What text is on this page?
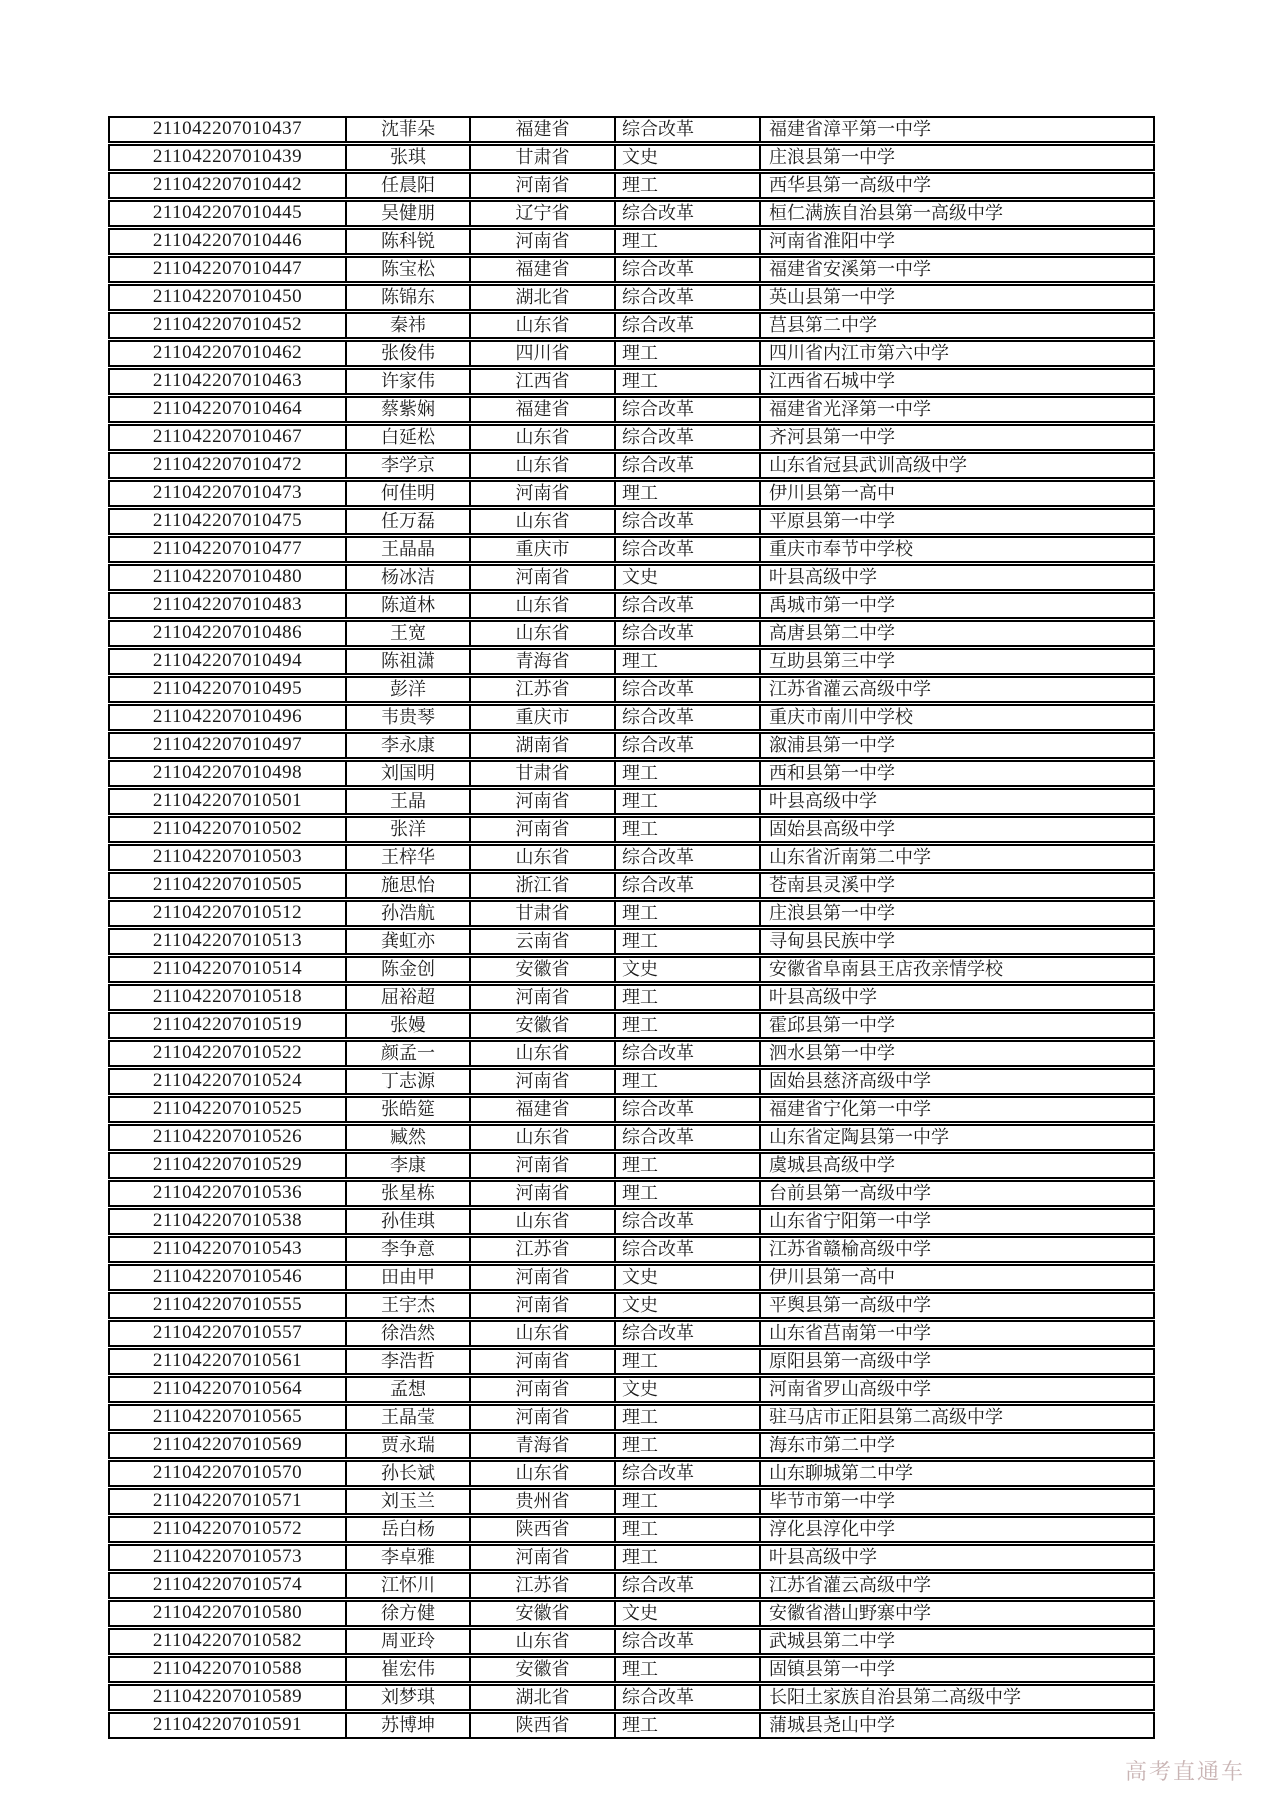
211042207010437	沈菲朵	福建省	综合改革	福建省漳平第一中学
211042207010439	张琪	甘肃省	文史	庄浪县第一中学
211042207010442	任晨阳	河南省	理工	西华县第一高级中学
211042207010445	吴健朋	辽宁省	综合改革	桓仁满族自治县第一高级中学
211042207010446	陈科锐	河南省	理工	河南省淮阳中学
211042207010447	陈宝松	福建省	综合改革	福建省安溪第一中学
211042207010450	陈锦东	湖北省	综合改革	英山县第一中学
211042207010452	秦祎	山东省	综合改革	莒县第二中学
211042207010462	张俊伟	四川省	理工	四川省内江市第六中学
211042207010463	许家伟	江西省	理工	江西省石城中学
211042207010464	蔡紫娴	福建省	综合改革	福建省光泽第一中学
211042207010467	白延松	山东省	综合改革	齐河县第一中学
211042207010472	李学京	山东省	综合改革	山东省冠县武训高级中学
211042207010473	何佳明	河南省	理工	伊川县第一高中
211042207010475	任万磊	山东省	综合改革	平原县第一中学
211042207010477	王晶晶	重庆市	综合改革	重庆市奉节中学校
211042207010480	杨冰洁	河南省	文史	叶县高级中学
211042207010483	陈道林	山东省	综合改革	禹城市第一中学
211042207010486	王宽	山东省	综合改革	高唐县第二中学
211042207010494	陈祖潇	青海省	理工	互助县第三中学
211042207010495	彭洋	江苏省	综合改革	江苏省灌云高级中学
211042207010496	韦贵琴	重庆市	综合改革	重庆市南川中学校
211042207010497	李永康	湖南省	综合改革	溆浦县第一中学
211042207010498	刘国明	甘肃省	理工	西和县第一中学
211042207010501	王晶	河南省	理工	叶县高级中学
211042207010502	张洋	河南省	理工	固始县高级中学
211042207010503	王梓华	山东省	综合改革	山东省沂南第二中学
211042207010505	施思怡	浙江省	综合改革	苍南县灵溪中学
211042207010512	孙浩航	甘肃省	理工	庄浪县第一中学
211042207010513	龚虹亦	云南省	理工	寻甸县民族中学
211042207010514	陈金创	安徽省	文史	安徽省阜南县王店孜亲情学校
211042207010518	屈裕超	河南省	理工	叶县高级中学
211042207010519	张嫚	安徽省	理工	霍邱县第一中学
211042207010522	颜孟一	山东省	综合改革	泗水县第一中学
211042207010524	丁志源	河南省	理工	固始县慈济高级中学
211042207010525	张皓筵	福建省	综合改革	福建省宁化第一中学
211042207010526	臧然	山东省	综合改革	山东省定陶县第一中学
211042207010529	李康	河南省	理工	虞城县高级中学
211042207010536	张星栋	河南省	理工	台前县第一高级中学
211042207010538	孙佳琪	山东省	综合改革	山东省宁阳第一中学
211042207010543	李争意	江苏省	综合改革	江苏省赣榆高级中学
211042207010546	田由甲	河南省	文史	伊川县第一高中
211042207010555	王宇杰	河南省	文史	平舆县第一高级中学
211042207010557	徐浩然	山东省	综合改革	山东省莒南第一中学
211042207010561	李浩哲	河南省	理工	原阳县第一高级中学
211042207010564	孟想	河南省	文史	河南省罗山高级中学
211042207010565	王晶莹	河南省	理工	驻马店市正阳县第二高级中学
211042207010569	贾永瑞	青海省	理工	海东市第二中学
211042207010570	孙长斌	山东省	综合改革	山东聊城第二中学
211042207010571	刘玉兰	贵州省	理工	毕节市第一中学
211042207010572	岳白杨	陕西省	理工	淳化县淳化中学
211042207010573	李卓雅	河南省	理工	叶县高级中学
211042207010574	江怀川	江苏省	综合改革	江苏省灌云高级中学
211042207010580	徐方健	安徽省	文史	安徽省潜山野寨中学
211042207010582	周亚玲	山东省	综合改革	武城县第二中学
211042207010588	崔宏伟	安徽省	理工	固镇县第一中学
211042207010589	刘梦琪	湖北省	综合改革	长阳土家族自治县第二高级中学
211042207010591	苏博坤	陕西省	理工	蒲城县尧山中学
高考直通车
